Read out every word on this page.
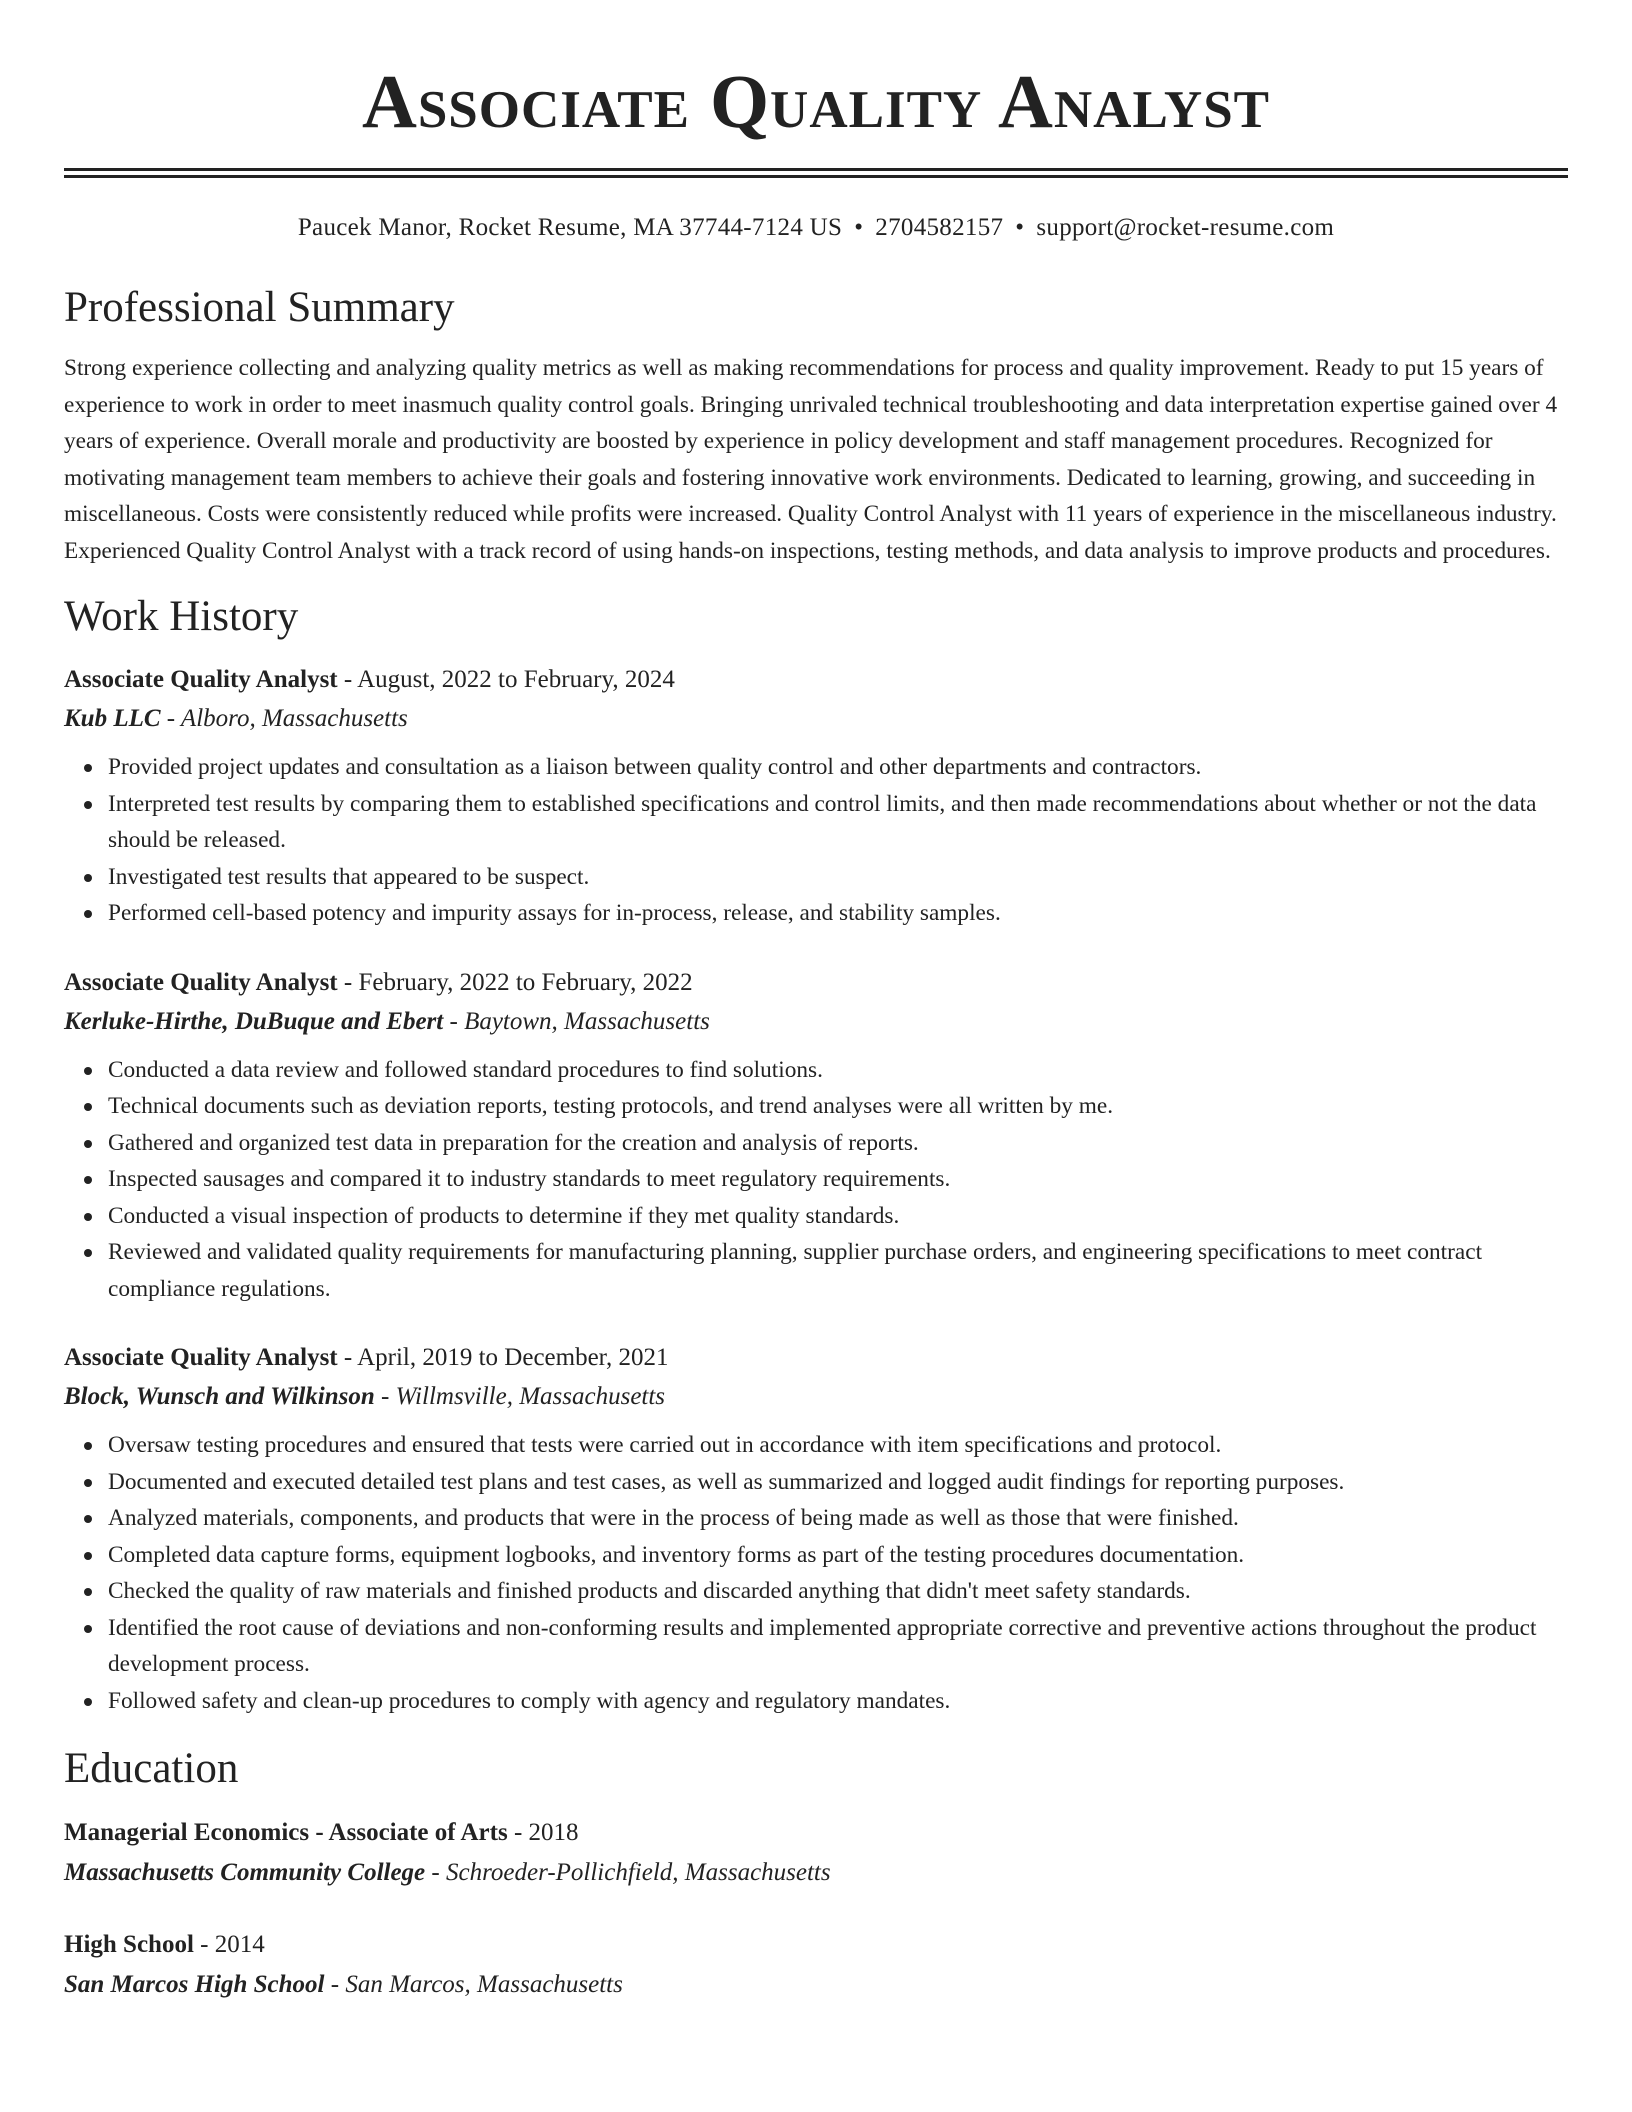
Associate Quality Analyst
Paucek Manor, Rocket Resume, MA 37744-7124 US • 2704582157 • support@rocket-resume.com
Professional Summary

Strong experience collecting and analyzing quality metrics as well as making recommendations for process and quality improvement. Ready to put 15 years of experience to work in order to meet inasmuch quality control goals. Bringing unrivaled technical troubleshooting and data interpretation expertise gained over 4 years of experience. Overall morale and productivity are boosted by experience in policy development and staff management procedures. Recognized for motivating management team members to achieve their goals and fostering innovative work environments. Dedicated to learning, growing, and succeeding in miscellaneous. Costs were consistently reduced while profits were increased. Quality Control Analyst with 11 years of experience in the miscellaneous industry. Experienced Quality Control Analyst with a track record of using hands-on inspections, testing methods, and data analysis to improve products and procedures.

Work History
Associate Quality Analyst - August, 2022 to February, 2024
Kub LLC - Alboro, Massachusetts
Provided project updates and consultation as a liaison between quality control and other departments and contractors.
Interpreted test results by comparing them to established specifications and control limits, and then made recommendations about whether or not the data should be released.
Investigated test results that appeared to be suspect.
Performed cell-based potency and impurity assays for in-process, release, and stability samples.
Associate Quality Analyst - February, 2022 to February, 2022
Kerluke-Hirthe, DuBuque and Ebert - Baytown, Massachusetts
Conducted a data review and followed standard procedures to find solutions.
Technical documents such as deviation reports, testing protocols, and trend analyses were all written by me.
Gathered and organized test data in preparation for the creation and analysis of reports.
Inspected sausages and compared it to industry standards to meet regulatory requirements.
Conducted a visual inspection of products to determine if they met quality standards.
Reviewed and validated quality requirements for manufacturing planning, supplier purchase orders, and engineering specifications to meet contract compliance regulations.
Associate Quality Analyst - April, 2019 to December, 2021
Block, Wunsch and Wilkinson - Willmsville, Massachusetts
Oversaw testing procedures and ensured that tests were carried out in accordance with item specifications and protocol.
Documented and executed detailed test plans and test cases, as well as summarized and logged audit findings for reporting purposes.
Analyzed materials, components, and products that were in the process of being made as well as those that were finished.
Completed data capture forms, equipment logbooks, and inventory forms as part of the testing procedures documentation.
Checked the quality of raw materials and finished products and discarded anything that didn't meet safety standards.
Identified the root cause of deviations and non-conforming results and implemented appropriate corrective and preventive actions throughout the product development process.
Followed safety and clean-up procedures to comply with agency and regulatory mandates.
Education
Managerial Economics - Associate of Arts - 2018
Massachusetts Community College - Schroeder-Pollichfield, Massachusetts
High School - 2014
San Marcos High School - San Marcos, Massachusetts
